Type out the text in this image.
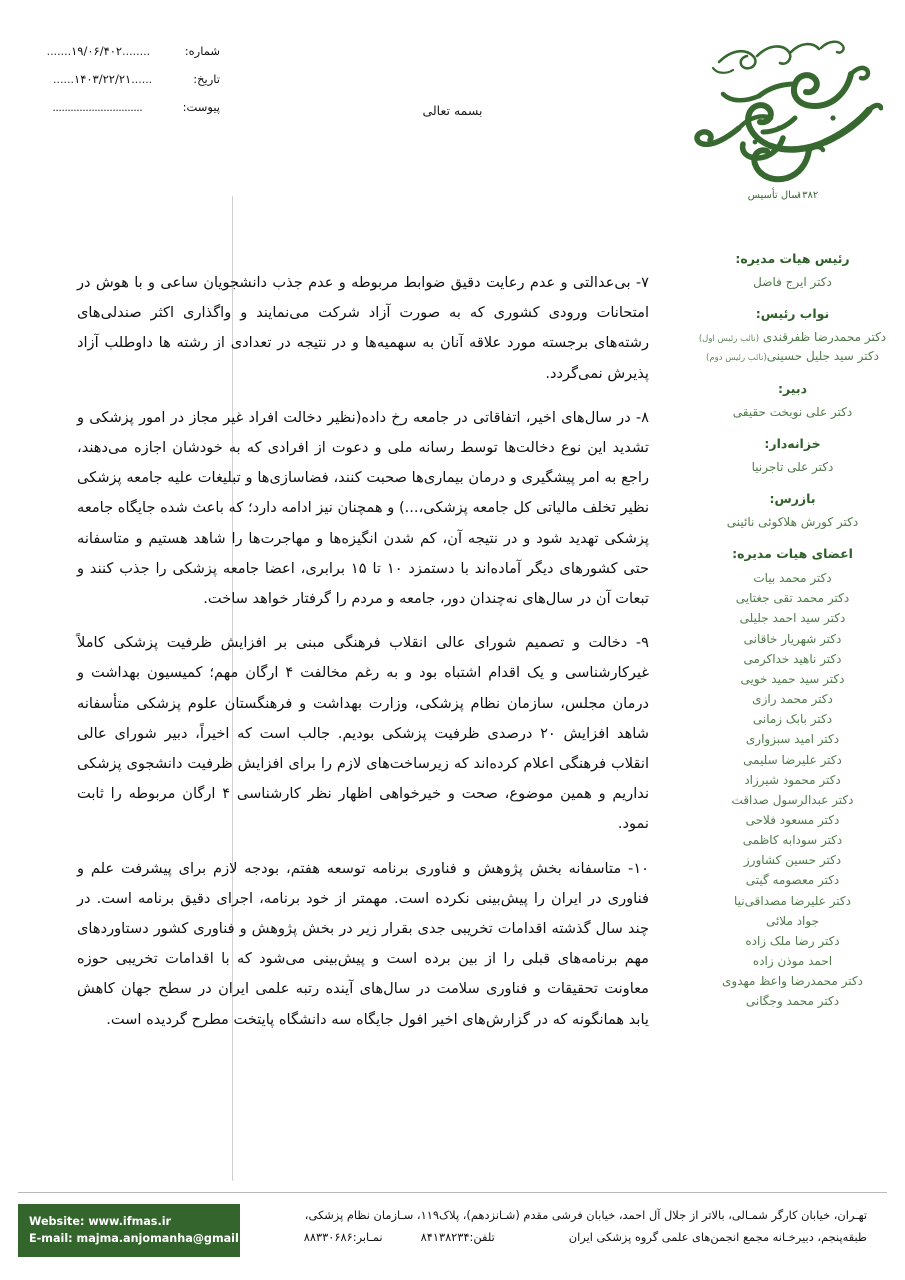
شماره:
........۱۹/۰۶/۴۰۲.......
تاریخ:
......۱۴۰۳/۲۲/۲۱......
پیوست:
..............................	بسمه تعالی
۱۳۸۲ سال تأسیس
رئیس هیات مدیره:
دکتر ایرج فاضل
نواب رئیس:
دکتر محمدرضا ظفرقندی (نائب رئیس اول)
دکتر سید جلیل حسینی(نائب رئیس دوم)
دبیر:
دکتر علی نوبخت حقیقی
خزانه‌دار:
دکتر علی تاجرنیا
بازرس:
دکتر کورش هلاکوئی نائینی
اعضای هیات مدیره:
دکتر محمد بیات
دکتر محمد تقی جغتایی
دکتر سید احمد جلیلی
دکتر شهریار خاقانی
دکتر ناهید خداکرمی
دکتر سید حمید خویی
دکتر محمد رازی
دکتر بابک زمانی
دکتر امید سبزواری
دکتر علیرضا سلیمی
دکتر محمود شیرزاد
دکتر عبدالرسول صداقت
دکتر مسعود فلاحی
دکتر سودابه کاظمی
دکتر حسین کشاورز
دکتر معصومه گیتی
دکتر علیرضا مصداقی‌نیا
جواد ملائی
دکتر رضا ملک زاده
احمد موذن زاده
دکتر محمدرضا واعظ مهدوی
دکتر محمد وجگانی

۷- بی‌عدالتی و عدم رعایت دقیق ضوابط مربوطه و عدم جذب دانشجویان ساعی و با هوش در امتحانات ورودی کشوری که به صورت آزاد شرکت می‌نمایند و واگذاری اکثر صندلی‌های رشته‌های برجسته مورد علاقه آنان به سهمیه‌ها و در نتیجه در تعدادی از رشته ها داوطلب آزاد پذیرش نمی‌گردد.

۸- در سال‌های اخیر، اتفاقاتی در جامعه رخ داده(نظیر دخالت افراد غیر مجاز در امور پزشکی و تشدید این نوع دخالت‌ها توسط رسانه ملی و دعوت از افرادی که به خودشان اجازه می‌دهند، راجع به امر پیشگیری و درمان بیماری‌ها صحبت کنند، فضاسازی‌ها و تبلیغات علیه جامعه پزشکی نظیر تخلف مالیاتی کل جامعه پزشکی،...) و همچنان نیز ادامه دارد؛ که باعث شده جایگاه جامعه پزشکی تهدید شود و در نتیجه آن، کم شدن انگیزه‌ها و مهاجرت‌ها را شاهد هستیم و متاسفانه حتی کشورهای دیگر آماده‌اند با دستمزد ۱۰ تا ۱۵ برابری، اعضا جامعه پزشکی را جذب کنند و تبعات آن در سال‌های نه‌چندان دور، جامعه و مردم را گرفتار خواهد ساخت.

۹- دخالت و تصمیم شورای عالی انقلاب فرهنگی مبنی بر افزایش ظرفیت پزشکی کاملاً غیرکارشناسی و یک اقدام اشتباه بود و به رغم مخالفت ۴ ارگان مهم؛ کمیسیون بهداشت و درمان مجلس، سازمان نظام پزشکی، وزارت بهداشت و فرهنگستان علوم پزشکی متأسفانه شاهد افزایش ۲۰ درصدی ظرفیت پزشکی بودیم. جالب است که اخیراً، دبیر شورای عالی انقلاب فرهنگی اعلام کرده‌اند که زیرساخت‌های لازم را برای افزایش ظرفیت دانشجوی پزشکی نداریم و همین موضوع، صحت و خیرخواهی اظهار نظر کارشناسی ۴ ارگان مربوطه را ثابت نمود.

۱۰- متاسفانه بخش پژوهش و فناوری برنامه توسعه هفتم، بودجه لازم برای پیشرفت علم و فناوری در ایران را پیش‌بینی نکرده است. مهمتر از خود برنامه، اجرای دقیق برنامه است. در چند سال گذشته اقدامات تخریبی جدی بقرار زیر در بخش پژوهش و فناوری کشور دستاوردهای مهم برنامه‌های قبلی را از بین برده است و پیش‌بینی می‌شود که با اقدامات تخریبی حوزه معاونت تحقیقات و فناوری سلامت در سال‌های آینده رتبه علمی ایران در سطح جهان کاهش یابد همانگونه که در گزارش‌های اخیر افول جایگاه سه دانشگاه پایتخت مطرح گردیده است.

تهـران، خیابان کارگر شمـالی، بالاتر از جلال آل احمد، خیابان فرشی مقدم (شـانزدهم)، پلاک۱۱۹، سـازمان نظام پزشکی،
طبقه‌پنجم، دبیرخـانه مجمع انجمن‌های علمی گروه پزشکی ایران
تلفن:
۸۴۱۳۸۲۳۴
نمـابر:
۸۸۳۳۰۶۸۶
Website: www.ifmas.ir
E-mail: majma.anjomanha@gmail.com
